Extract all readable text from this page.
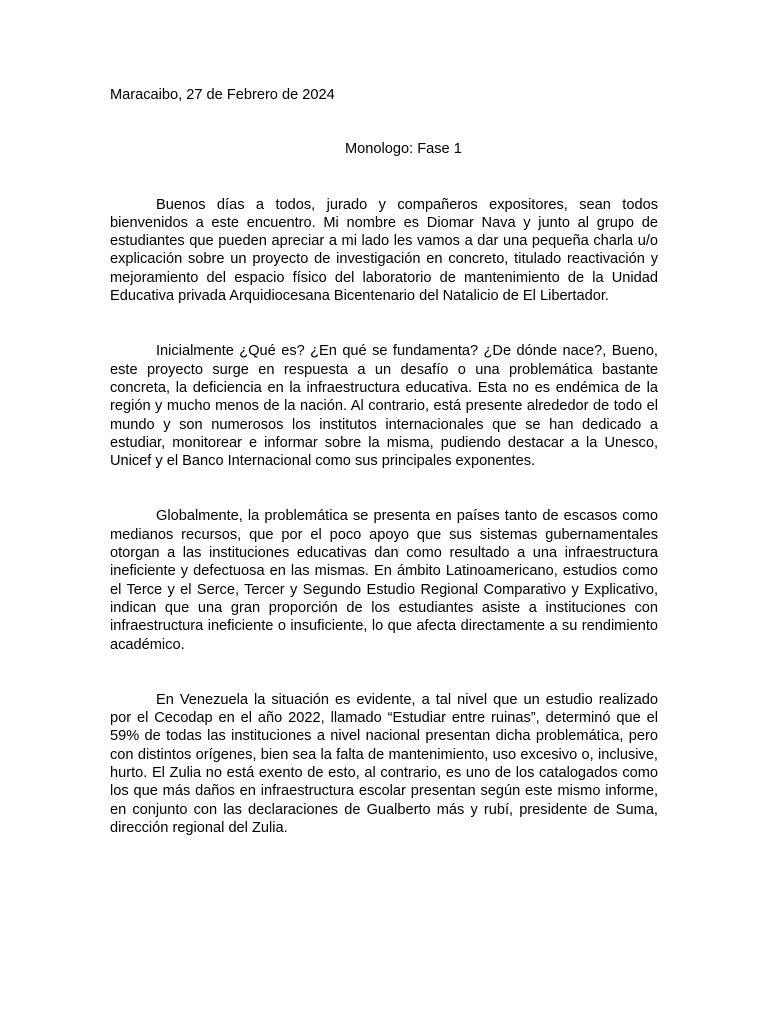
Maracaibo, 27 de Febrero de 2024

Monologo: Fase 1

Buenos días a todos, jurado y compañeros expositores, sean todos bienvenidos a este encuentro. Mi nombre es Diomar Nava y junto al grupo de estudiantes que pueden apreciar a mi lado les vamos a dar una pequeña charla u/o explicación sobre un proyecto de investigación en concreto, titulado reactivación y mejoramiento del espacio físico del laboratorio de mantenimiento de la Unidad Educativa privada Arquidiocesana Bicentenario del Natalicio de El Libertador.

Inicialmente ¿Qué es? ¿En qué se fundamenta? ¿De dónde nace?, Bueno, este proyecto surge en respuesta a un desafío o una problemática bastante concreta, la deficiencia en la infraestructura educativa. Esta no es endémica de la región y mucho menos de la nación. Al contrario, está presente alrededor de todo el mundo y son numerosos los institutos internacionales que se han dedicado a estudiar, monitorear e informar sobre la misma, pudiendo destacar a la Unesco, Unicef y el Banco Internacional como sus principales exponentes.

Globalmente, la problemática se presenta en países tanto de escasos como medianos recursos, que por el poco apoyo que sus sistemas gubernamentales otorgan a las instituciones educativas dan como resultado a una infraestructura ineficiente y defectuosa en las mismas. En ámbito Latinoamericano, estudios como el Terce y el Serce, Tercer y Segundo Estudio Regional Comparativo y Explicativo, indican que una gran proporción de los estudiantes asiste a instituciones con infraestructura ineficiente o insuficiente, lo que afecta directamente a su rendimiento académico.

En Venezuela la situación es evidente, a tal nivel que un estudio realizado por el Cecodap en el año 2022, llamado “Estudiar entre ruinas”, determinó que el 59% de todas las instituciones a nivel nacional presentan dicha problemática, pero con distintos orígenes, bien sea la falta de mantenimiento, uso excesivo o, inclusive, hurto. El Zulia no está exento de esto, al contrario, es uno de los catalogados como los que más daños en infraestructura escolar presentan según este mismo informe, en conjunto con las declaraciones de Gualberto más y rubí, presidente de Suma, dirección regional del Zulia.
